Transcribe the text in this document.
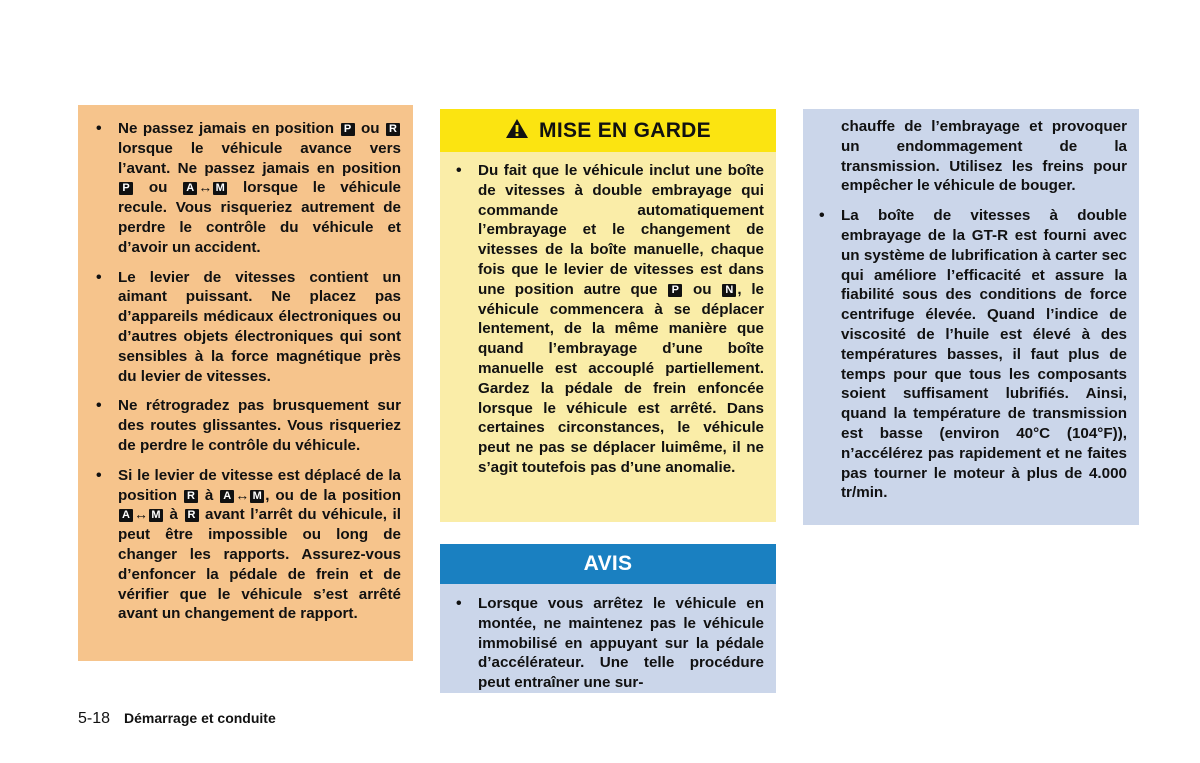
• Ne passez jamais en position P ou R lorsque le véhicule avance vers l’avant. Ne passez jamais en position P ou A ↔ M lorsque le véhicule recule. Vous risqueriez autrement de perdre le contrôle du véhicule et d’avoir un accident.
• Le levier de vitesses contient un aimant puissant. Ne placez pas d’appareils médicaux électroniques ou d’autres objets électroniques qui sont sensibles à la force magnétique près du levier de vitesses.
• Ne rétrogradez pas brusquement sur des routes glissantes. Vous risqueriez de perdre le contrôle du véhicule.
• Si le levier de vitesse est déplacé de la position R à A ↔ M , ou de la position A ↔ M à R avant l’arrêt du véhicule, il peut être impossible ou long de changer les rapports. Assurez-vous d’enfoncer la pédale de frein et de vérifier que le véhicule s’est arrêté avant un changement de rapport.
MISE EN GARDE
• Du fait que le véhicule inclut une boîte de vitesses à double embrayage qui commande automatiquement l’embrayage et le changement de vitesses de la boîte manuelle, chaque fois que le levier de vitesses est dans une position autre que P ou N , le véhicule commencera à se déplacer lentement, de la même manière que quand l’embrayage d’une boîte manuelle est accouplé partiellement. Gardez la pédale de frein enfoncée lorsque le véhicule est arrêté. Dans certaines circonstances, le véhicule peut ne pas se déplacer luimême, il ne s’agit toutefois pas d’une anomalie.
AVIS
• Lorsque vous arrêtez le véhicule en montée, ne maintenez pas le véhicule immobilisé en appuyant sur la pédale d’accélérateur. Une telle procédure peut entraîner une sur-
chauffe de l’embrayage et provoquer un endommagement de la transmission. Utilisez les freins pour empêcher le véhicule de bouger.
• La boîte de vitesses à double embrayage de la GT-R est fourni avec un système de lubrification à carter sec qui améliore l’efficacité et assure la fiabilité sous des conditions de force centrifuge élevée. Quand l’indice de viscosité de l’huile est élevé à des températures basses, il faut plus de temps pour que tous les composants soient suffisament lubrifiés. Ainsi, quand la température de transmission est basse (environ 40°C (104°F)), n’accélérez pas rapidement et ne faites pas tourner le moteur à plus de 4.000 tr/min.
5-18 Démarrage et conduite
